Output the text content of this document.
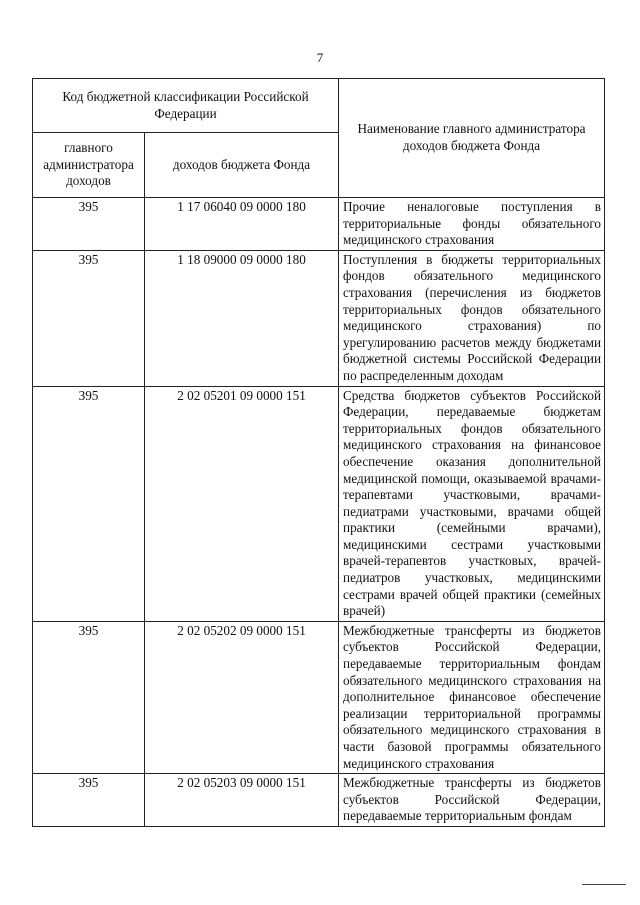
7
Код бюджетной классификации Российской Федерации		Наименование главного администратора доходов бюджета Фонда
главного администратора доходов	доходов бюджета Фонда	
395	1 17 06040 09 0000 180	Прочие неналоговые поступления в территориальные фонды обязательного медицинского страхования
395	1 18 09000 09 0000 180	Поступления в бюджеты территориальных фондов обязательного медицинского страхования (перечисления из бюджетов территориальных фондов обязательного медицинского страхования) по урегулированию расчетов между бюджетами бюджетной системы Российской Федерации по распределенным доходам
395	2 02 05201 09 0000 151	Средства бюджетов субъектов Российской Федерации, передаваемые бюджетам территориальных фондов обязательного медицинского страхования на финансовое обеспечение оказания дополнительной медицинской помощи, оказываемой врачами-терапевтами участковыми, врачами-педиатрами участковыми, врачами общей практики (семейными врачами), медицинскими сестрами участковыми врачей-терапевтов участковых, врачей-педиатров участковых, медицинскими сестрами врачей общей практики (семейных врачей)
395	2 02 05202 09 0000 151	Межбюджетные трансферты из бюджетов субъектов Российской Федерации, передаваемые территориальным фондам обязательного медицинского страхования на дополнительное финансовое обеспечение реализации территориальной программы обязательного медицинского страхования в части базовой программы обязательного медицинского страхования
395	2 02 05203 09 0000 151	Межбюджетные трансферты из бюджетов субъектов Российской Федерации, передаваемые территориальным фондам
